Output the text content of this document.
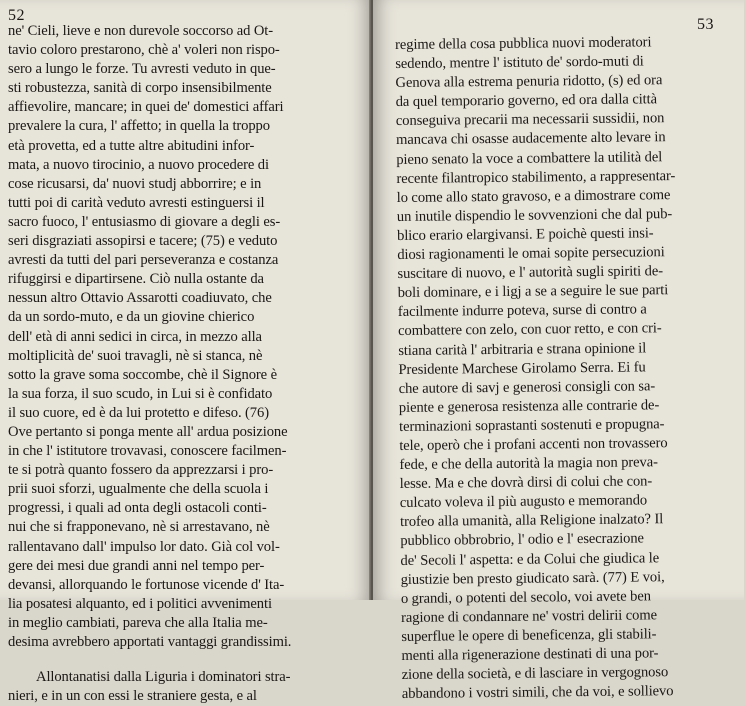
52
ne' Cieli, lieve e non durevole soccorso ad Ot-
tavio coloro prestarono, chè a' voleri non rispo-
sero a lungo le forze. Tu avresti veduto in que-
sti robustezza, sanità di corpo insensibilmente
affievolire, mancare; in quei de' domestici affari
prevalere la cura, l' affetto; in quella la troppo
età provetta, ed a tutte altre abitudini infor-
mata, a nuovo tirocinio, a nuovo procedere di
cose ricusarsi, da' nuovi studj abborrire; e in
tutti poi di carità veduto avresti estinguersi il
sacro fuoco, l' entusiasmo di giovare a degli es-
seri disgraziati assopirsi e tacere; (75) e veduto
avresti da tutti del pari perseveranza e costanza
rifuggirsi e dipartirsene. Ciò nulla ostante da
nessun altro Ottavio Assarotti coadiuvato, che
da un sordo-muto, e da un giovine chierico
dell' età di anni sedici in circa, in mezzo alla
moltiplicità de' suoi travagli, nè si stanca, nè
sotto la grave soma soccombe, chè il Signore è
la sua forza, il suo scudo, in Lui si è confidato
il suo cuore, ed è da lui protetto e difeso. (76)
Ove pertanto si ponga mente all' ardua posizione
in che l' istitutore trovavasi, conoscere facilmen-
te si potrà quanto fossero da apprezzarsi i pro-
prii suoi sforzi, ugualmente che della scuola i
progressi, i quali ad onta degli ostacoli conti-
nui che si frapponevano, nè si arrestavano, nè
rallentavano dall' impulso lor dato. Già col vol-
gere dei mesi due grandi anni nel tempo per-
devansi, allorquando le fortunose vicende d' Ita-
lia posatesi alquanto, ed i politici avvenimenti
in meglio cambiati, pareva che alla Italia me-
desima avrebbero apportati vantaggi grandissimi.
Allontanatisi dalla Liguria i dominatori stra-
nieri, e in un con essi le straniere gesta, e al
53
regime della cosa pubblica nuovi moderatori
sedendo, mentre l' istituto de' sordo-muti di
Genova alla estrema penuria ridotto, (s) ed ora
da quel temporario governo, ed ora dalla città
conseguiva precarii ma necessarii sussidii, non
mancava chi osasse audacemente alto levare in
pieno senato la voce a combattere la utilità del
recente filantropico stabilimento, a rappresentar-
lo come allo stato gravoso, e a dimostrare come
un inutile dispendio le sovvenzioni che dal pub-
blico erario elargivansi. E poichè questi insi-
diosi ragionamenti le omai sopite persecuzioni
suscitare di nuovo, e l' autorità sugli spiriti de-
boli dominare, e i ligj a se a seguire le sue parti
facilmente indurre poteva, surse di contro a
combattere con zelo, con cuor retto, e con cri-
stiana carità l' arbitraria e strana opinione il
Presidente Marchese Girolamo Serra. Ei fu
che autore di savj e generosi consigli con sa-
piente e generosa resistenza alle contrarie de-
terminazioni soprastanti sostenuti e propugna-
tele, operò che i profani accenti non trovassero
fede, e che della autorità la magia non preva-
lesse. Ma e che dovrà dirsi di colui che con-
culcato voleva il più augusto e memorando
trofeo alla umanità, alla Religione inalzato? Il
pubblico obbrobrio, l' odio e l' esecrazione
de' Secoli l' aspetta: e da Colui che giudica le
giustizie ben presto giudicato sarà. (77) E voi,
o grandi, o potenti del secolo, voi avete ben
ragione di condannare ne' vostri delirii come
superflue le opere di beneficenza, gli stabili-
menti alla rigenerazione destinati di una por-
zione della società, e di lasciare in vergognoso
abbandono i vostri simili, che da voi, e sollievo
